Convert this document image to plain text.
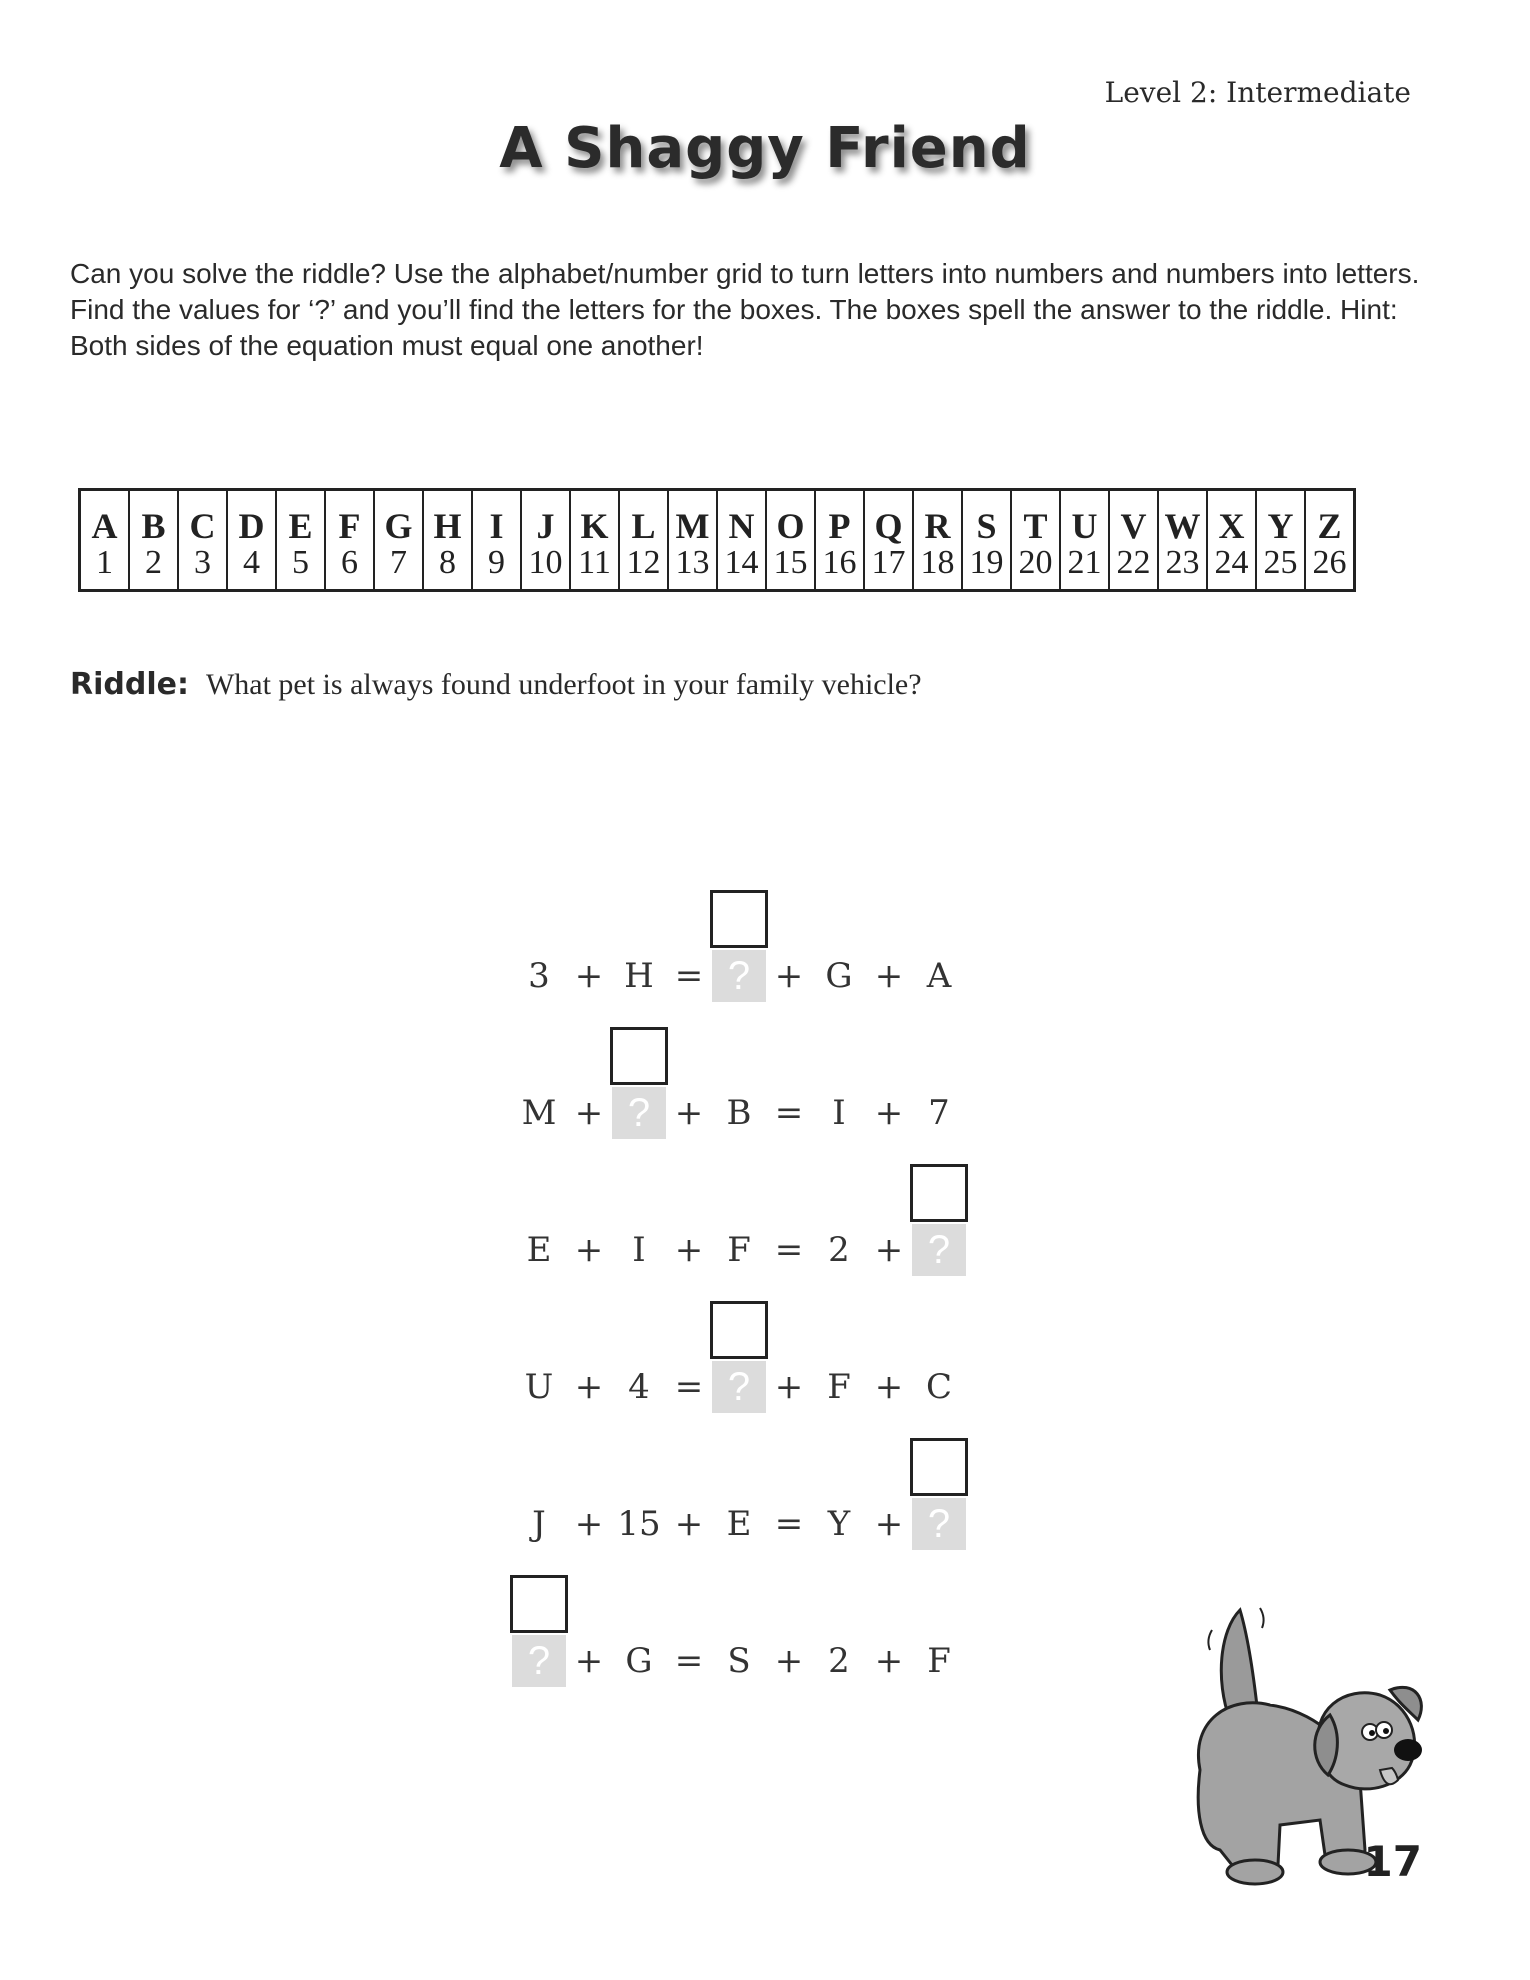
Level 2: Intermediate
A Shaggy Friend
Can you solve the riddle? Use the alphabet/number grid to turn letters into numbers and numbers into letters. Find the values for ‘?’ and you’ll find the letters for the boxes. The boxes spell the answer to the riddle. Hint: Both sides of the equation must equal one another!
A	B	C	D	E	F	G	H	I	J	K	L	M	N	O	P	Q	R	S	T	U	V	W	X	Y	Z
1	2	3	4	5	6	7	8	9	10	11	12	13	14	15	16	17	18	19	20	21	22	23	24	25	26
Riddle: What pet is always found underfoot in your family vehicle?
3 + H = ? + G + A
M + ? + B = I + 7
E + I + F = 2 + ?
U + 4 = ? + F + C
J + 15 + E = Y + ?
? + G = S + 2 + F
17
